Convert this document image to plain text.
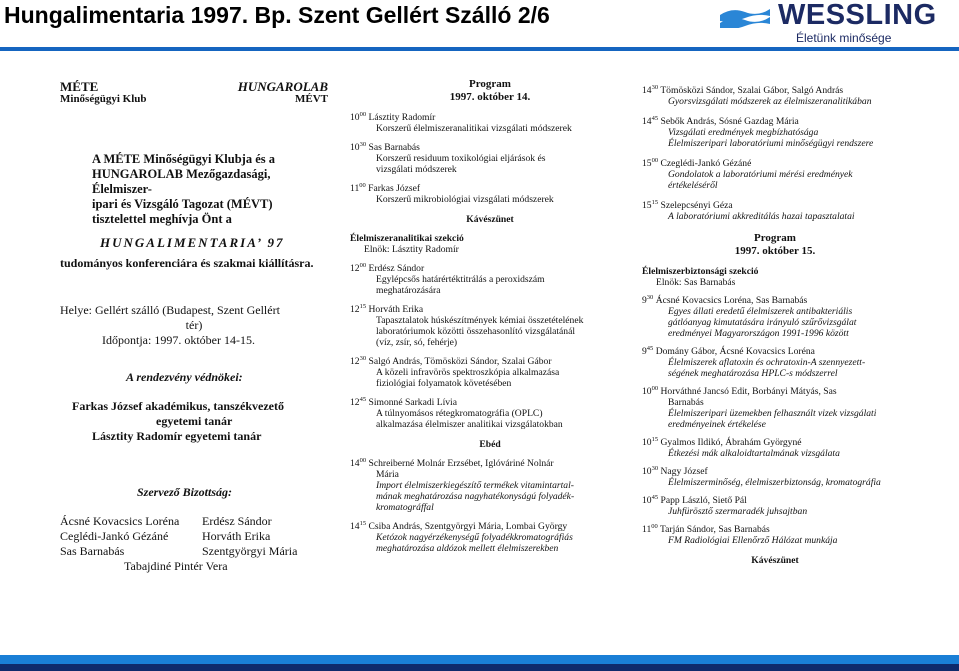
Hungalimentaria 1997. Bp. Szent Gellért Szálló 2/6	WESSLING
Életünk minősége
MÉTE	HUNGAROLAB
Minőségügyi Klub	MÉVT
A MÉTE Minőségügyi Klubja és a
HUNGAROLAB Mezőgazdasági, Élelmiszer-
ipari és Vizsgáló Tagozat (MÉVT)
tisztelettel meghívja Önt a
HUNGALIMENTARIA’ 97
tudományos konferenciára és szakmai kiállításra.
Helye: Gellért szálló (Budapest, Szent Gellért
tér)
Időpontja: 1997. október 14-15.
A rendezvény védnökei:
Farkas József akadémikus, tanszékvezető
egyetemi tanár
Lásztity Radomír egyetemi tanár
Szervező Bizottság:
Ácsné Kovacsics Loréna	Erdész Sándor
Ceglédi-Jankó Gézáné	Horváth Erika
Sas Barnabás	Szentgyörgyi Mária
Tabajdiné Pintér Vera
Program
1997. október 14.
$10^{00}$ Lásztity Radomír
Korszerű élelmiszeranalitikai vizsgálati módszerek
$10^{30}$ Sas Barnabás
Korszerű residuum toxikológiai eljárások és
vizsgálati módszerek
$11^{00}$ Farkas József
Korszerű mikrobiológiai vizsgálati módszerek
Kávészünet
Élelmiszeranalitikai szekció
Elnök: Lásztity Radomír
$12^{00}$ Erdész Sándor
Egylépcsős határértéktitrálás a peroxidszám
meghatározására
$12^{15}$ Horváth Erika
Tapasztalatok húskészítmények kémiai összetételének
laboratóriumok közötti összehasonlító vizsgálatánál
(víz, zsír, só, fehérje)
$12^{30}$ Salgó András, Tömösközi Sándor, Szalai Gábor
A közeli infravörös spektroszkópia alkalmazása
fiziológiai folyamatok követésében
$12^{45}$ Simonné Sarkadi Lívia
A túlnyomásos rétegkromatográfia (OPLC)
alkalmazása élelmiszer analitikai vizsgálatokban
Ebéd
$14^{00}$ Schreiberné Molnár Erzsébet, Iglóváriné Nolnár
Mária
Import élelmiszerkiegészítő termékek vitamintartal-
mának meghatározása nagyhatékonyságú folyadék-
kromatográffal
$14^{15}$ Csiba András, Szentgyörgyi Mária, Lombai György
Ketózok nagyérzékenységű folyadékkromatográfiás
meghatározása aldózok mellett élelmiszerekben
$14^{30}$ Tömösközi Sándor, Szalai Gábor, Salgó András
Gyorsvizsgálati módszerek az élelmiszeranalitikában
$14^{45}$ Sebők András, Sósné Gazdag Mária
Vizsgálati eredmények megbízhatósága
Élelmiszeripari laboratóriumi minőségügyi rendszere
$15^{00}$ Czeglédi-Jankó Gézáné
Gondolatok a laboratóriumi mérési eredmények
értékeléséről
$15^{15}$ Szelepcsényi Géza
A laboratóriumi akkreditálás hazai tapasztalatai
Program
1997. október 15.
Élelmiszerbiztonsági szekció
Elnök: Sas Barnabás
$9^{30}$ Ácsné Kovacsics Loréna, Sas Barnabás
Egyes állati eredetű élelmiszerek antibakteriális
gátlóanyag kimutatására irányuló szűrővizsgálat
eredményei Magyarországon 1991-1996 között
$9^{45}$ Domány Gábor, Ácsné Kovacsics Loréna
Élelmiszerek aflatoxin és ochratoxin-A szennyezett-
ségének meghatározása HPLC-s módszerrel
$10^{00}$ Horváthné Jancsó Edit, Borbányi Mátyás, Sas
Barnabás
Élelmiszeripari üzemekben felhasznált vizek vizsgálati
eredményeinek értékelése
$10^{15}$ Gyalmos Ildikó, Ábrahám Györgyné
Étkezési mák alkaloidtartalmának vizsgálata
$10^{30}$ Nagy József
Élelmiszerminőség, élelmiszerbiztonság, kromatográfia
$10^{45}$ Papp László, Siető Pál
Juhfürösztő szermaradék juhsajtban
$11^{00}$ Tarján Sándor, Sas Barnabás
FM Radiológiai Ellenőrző Hálózat munkája
Kávészünet
